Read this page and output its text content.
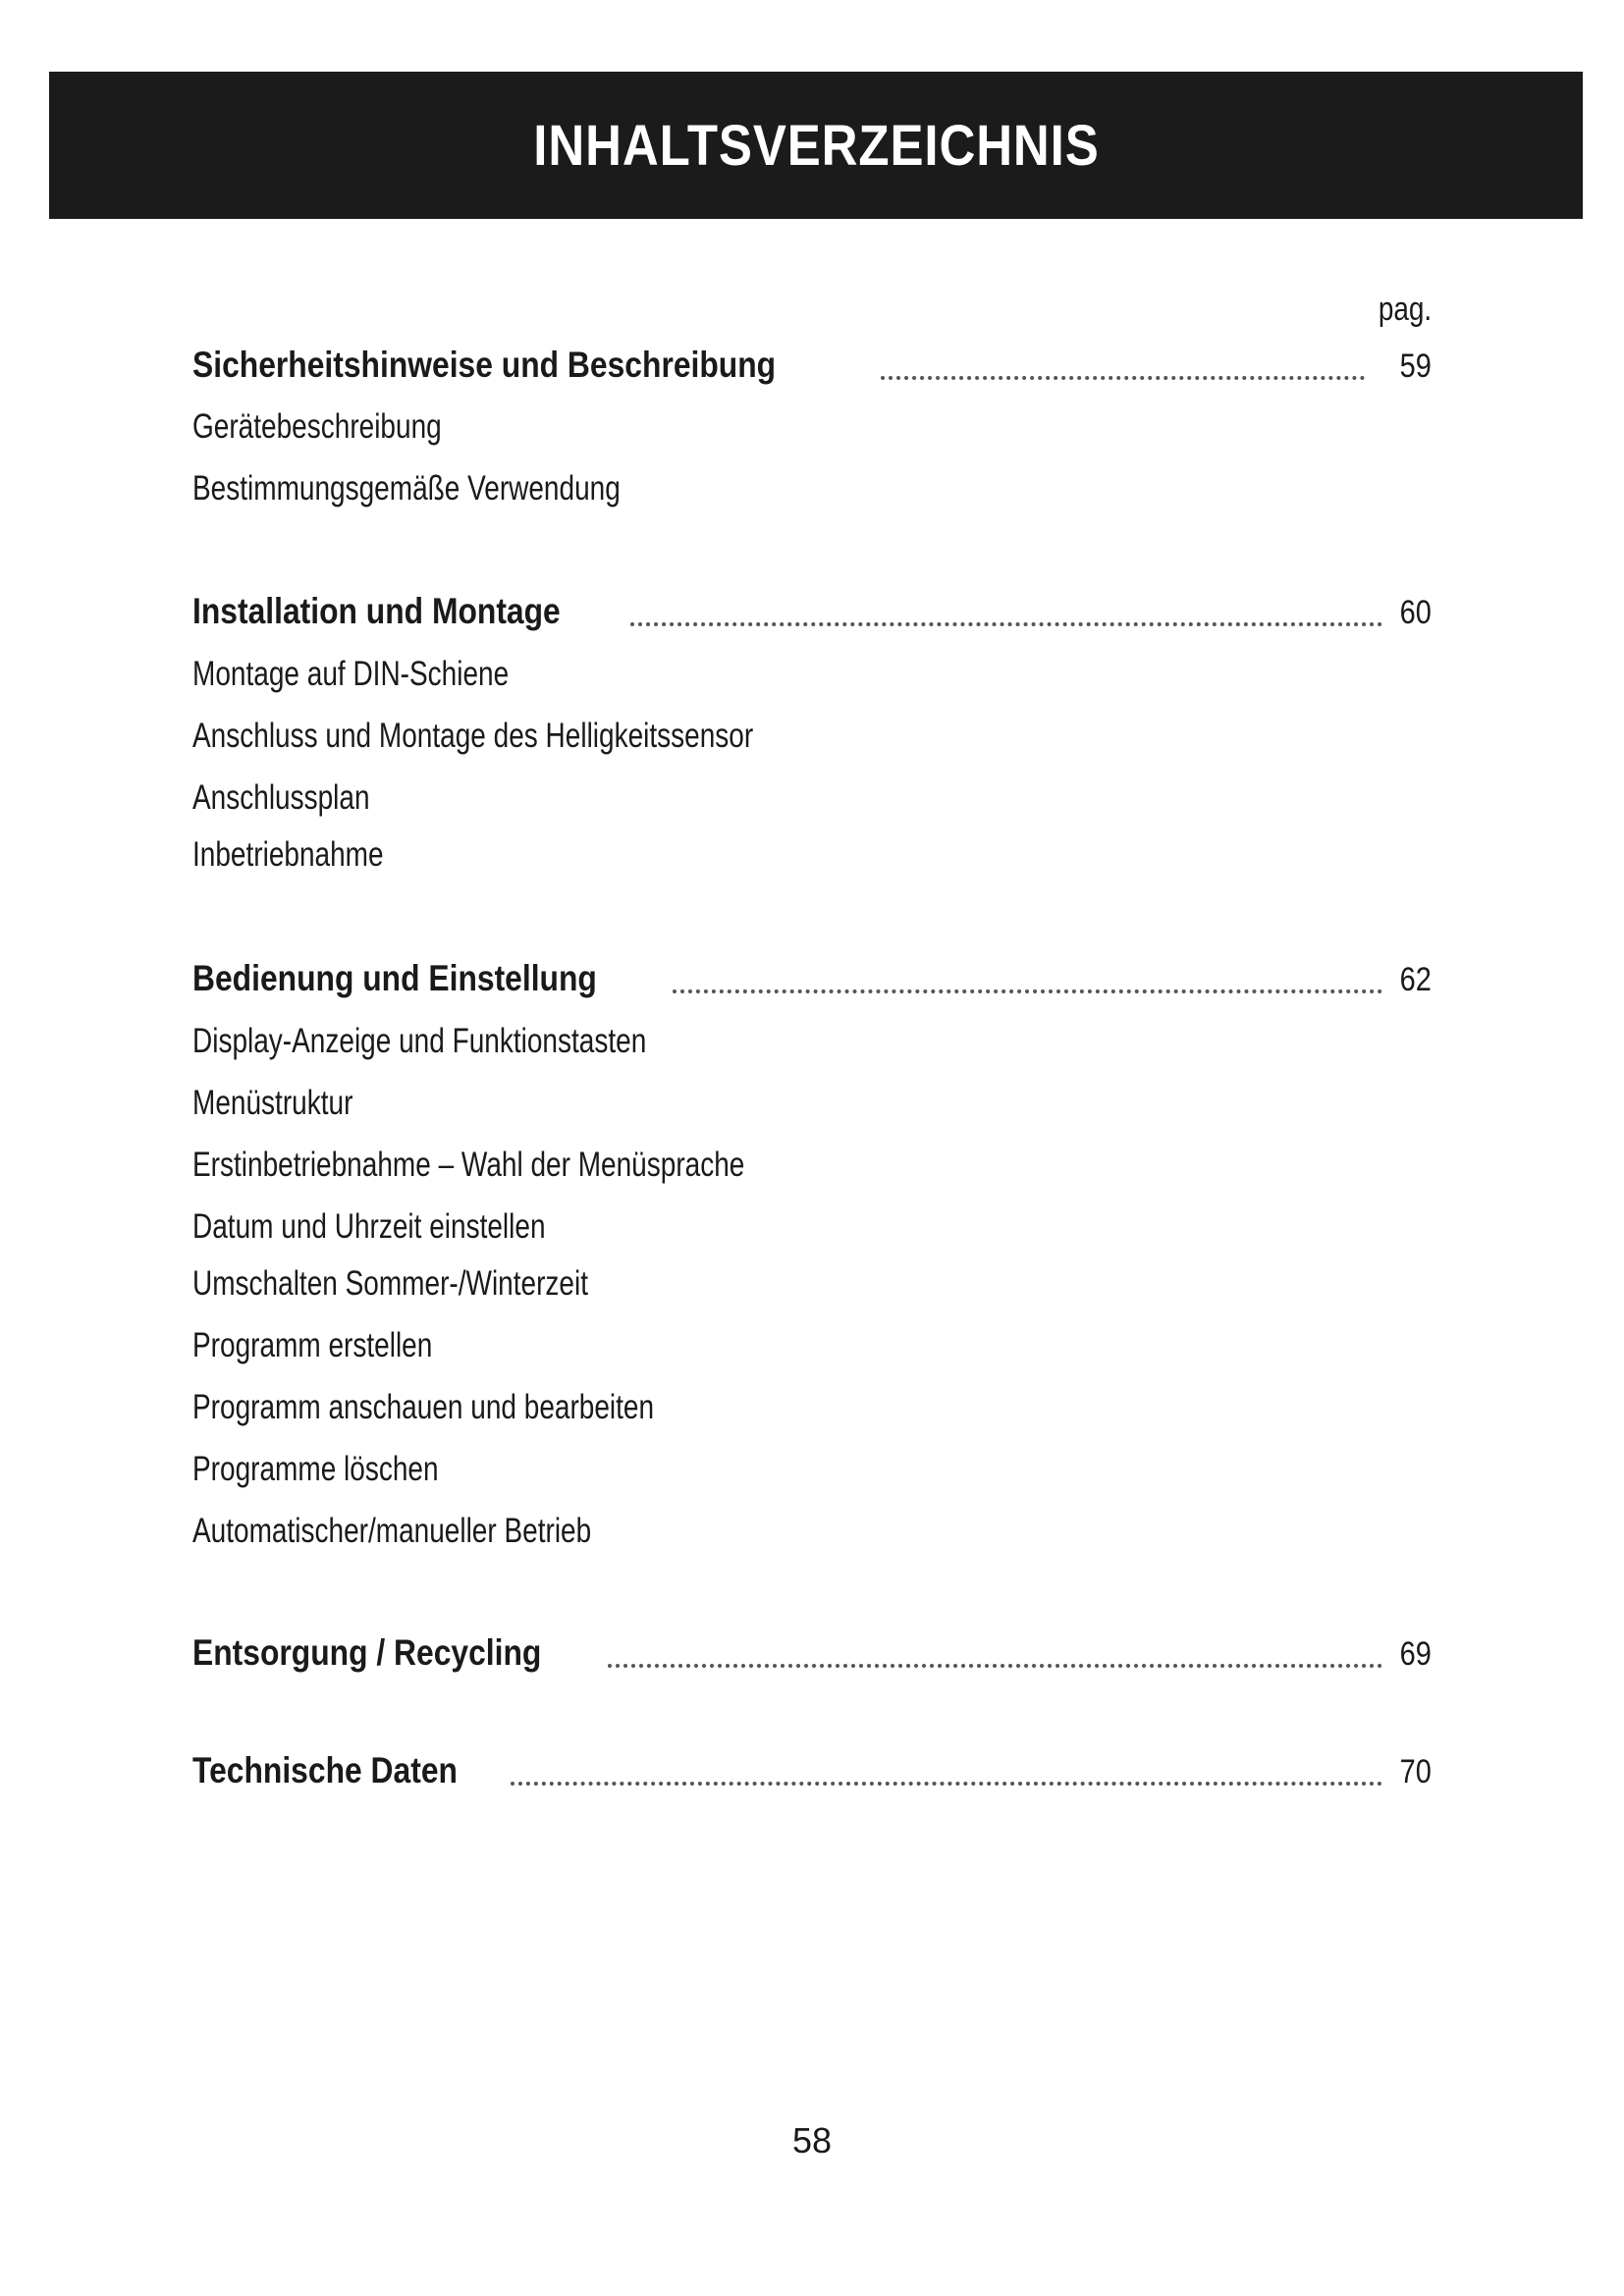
INHALTSVERZEICHNIS
pag.
Sicherheitshinweise und Beschreibung	59
Gerätebeschreibung
Bestimmungsgemäße Verwendung
Installation und Montage	60
Montage auf DIN-Schiene
Anschluss und Montage des Helligkeitssensor
Anschlussplan
Inbetriebnahme
Bedienung und Einstellung	62
Display-Anzeige und Funktionstasten
Menüstruktur
Erstinbetriebnahme – Wahl der Menüsprache
Datum und Uhrzeit einstellen
Umschalten Sommer-/Winterzeit
Programm erstellen
Programm anschauen und bearbeiten
Programme löschen
Automatischer/manueller Betrieb
Entsorgung / Recycling	69
Technische Daten	70
58
